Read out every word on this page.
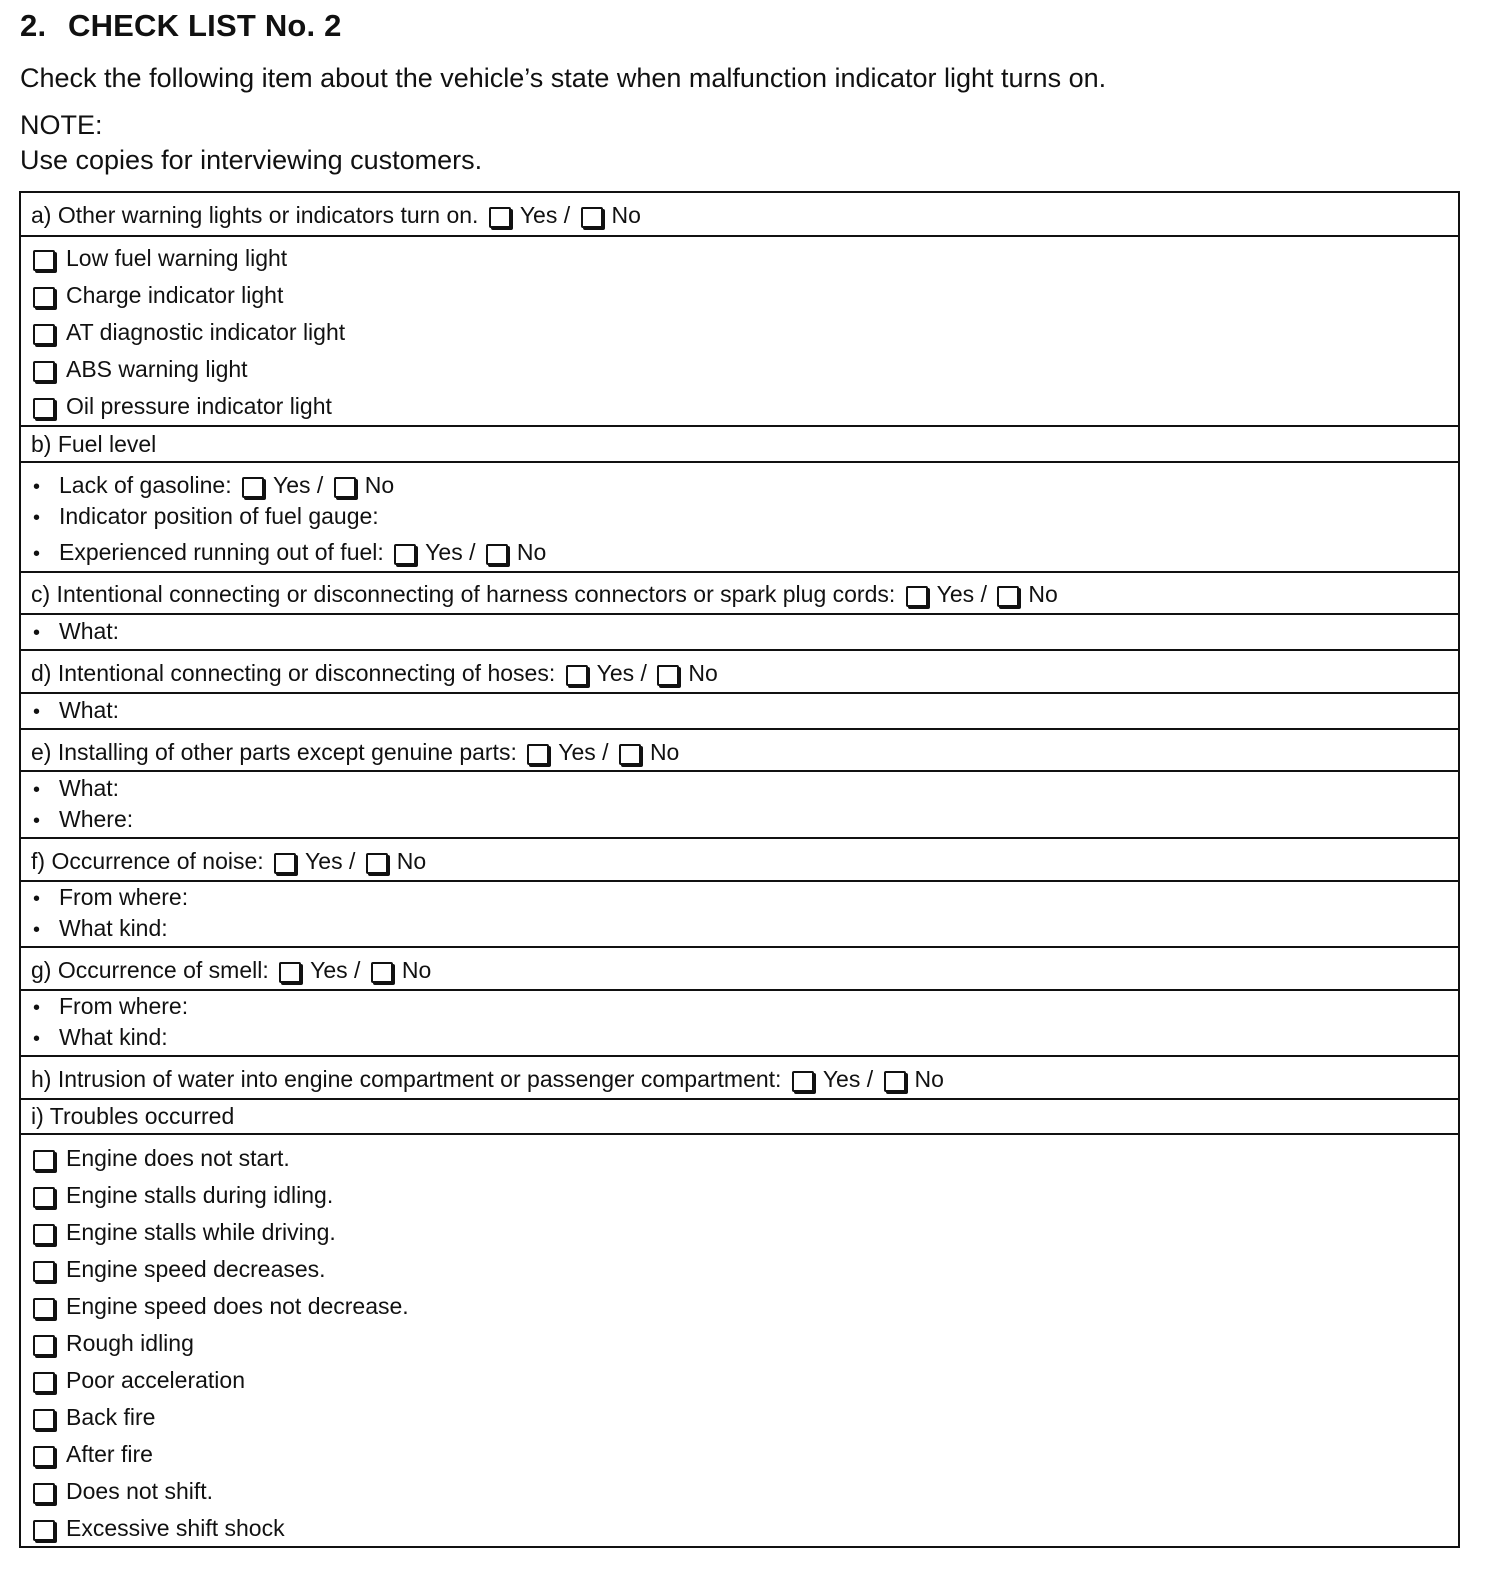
2. CHECK LIST No. 2
Check the following item about the vehicle’s state when malfunction indicator light turns on.
NOTE:
Use copies for interviewing customers.
a) Other warning lights or indicators turn on. Yes / No
Low fuel warning light
Charge indicator light
AT diagnostic indicator light
ABS warning light
Oil pressure indicator light
b) Fuel level
• Lack of gasoline: Yes / No
• Indicator position of fuel gauge:
• Experienced running out of fuel: Yes / No
c) Intentional connecting or disconnecting of harness connectors or spark plug cords: Yes / No
• What:
d) Intentional connecting or disconnecting of hoses: Yes / No
• What:
e) Installing of other parts except genuine parts: Yes / No
• What:
• Where:
f) Occurrence of noise: Yes / No
• From where:
• What kind:
g) Occurrence of smell: Yes / No
• From where:
• What kind:
h) Intrusion of water into engine compartment or passenger compartment: Yes / No
i) Troubles occurred
Engine does not start.
Engine stalls during idling.
Engine stalls while driving.
Engine speed decreases.
Engine speed does not decrease.
Rough idling
Poor acceleration
Back fire
After fire
Does not shift.
Excessive shift shock
